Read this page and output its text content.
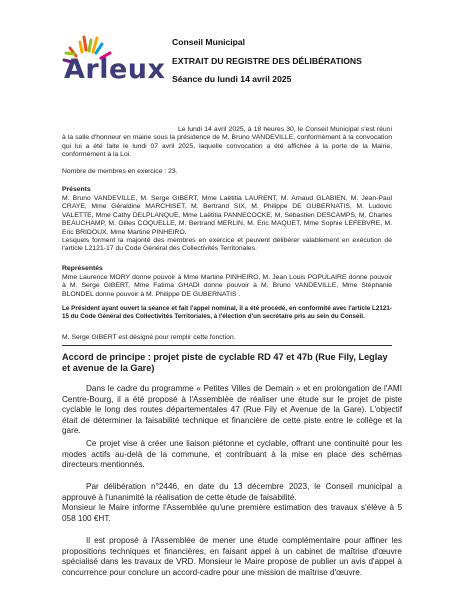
Arleux
Conseil Municipal
EXTRAIT DU REGISTRE DES DÉLIBÉRATIONS
Séance du lundi 14 avril 2025

Le lundi 14 avril 2025, à 18 heures 30, le Conseil Municipal s'est réuni à la salle d'honneur en mairie sous la présidence de M. Bruno VANDEVILLE, conformément à la convocation qui lui a été faite le lundi 07 avril 2025, laquelle convocation a été affichée à la porte de la Mairie, conformément à la Loi.

Nombre de membres en exercice : 23.

Présents

M. Bruno VANDEVILLE, M. Serge GIBERT, Mme Laëtitia LAURENT, M. Arnaud GLABIEN, M. Jean-Paul CRAYE, Mme Géraldine MARCHISET, M. Bertrand SIX, M. Philippe DE GUBERNATIS, M. Ludovic VALETTE, Mme Cathy DELPLANQUE, Mme Laëtitia PANNECOCKE, M. Sébastien DESCAMPS, M. Charles BEAUCHAMP, M. Gilles COQUELLE, M. Bertrand MERLIN, M. Eric MAQUET, Mme Sophie LEFEBVRE, M. Eric BRIDOUX, Mme Martine PINHEIRO.

Lesquels forment la majorité des membres en exercice et peuvent délibérer valablement en exécution de l'article L2121-17 du Code Général des Collectivités Territoriales.

Représentés

Mme Laurence MORY donne pouvoir à Mme Martine PINHEIRO, M. Jean Louis POPULAIRE donne pouvoir à M. Serge GIBERT, Mme Fatima GHADI donne pouvoir à M. Bruno VANDEVILLE, Mme Stéphanie BLONDEL donne pouvoir à M. Philippe DE GUBERNATIS .

Le Président ayant ouvert la séance et fait l'appel nominal, il a été procédé, en conformité avec l'article L2121-15 du Code Général des Collectivités Territoriales, à l'élection d'un secrétaire pris au sein du Conseil.

M. Serge GIBERT est désigné pour remplir cette fonction.

Accord de principe : projet piste de cyclable RD 47 et 47b (Rue Fily, Leglay et avenue de la Gare)

Dans le cadre du programme « Petites Villes de Demain » et en prolongation de l'AMI Centre-Bourg, il a été proposé à l'Assemblée de réaliser une étude sur le projet de piste cyclable le long des routes départementales 47 (Rue Fily et Avenue de la Gare). L'objectif était de déterminer la faisabilité technique et financière de cette piste entre le collège et la gare.

Ce projet vise à créer une liaison piétonne et cyclable, offrant une continuité pour les modes actifs au-delà de la commune, et contribuant à la mise en place des schémas directeurs mentionnés.

Par délibération n°2446, en date du 13 décembre 2023, le Conseil municipal a approuvé à l'unanimité la réalisation de cette étude de faisabilité.

Monsieur le Maire informe l'Assemblée qu'une première estimation des travaux s'élève à 5 058 100 €HT.

Il est proposé à l'Assemblée de mener une étude complémentaire pour affiner les propositions techniques et financières, en faisant appel à un cabinet de maîtrise d'œuvre spécialisé dans les travaux de VRD. Monsieur le Maire propose de publier un avis d'appel à concurrence pour conclure un accord-cadre pour une mission de maîtrise d'œuvre.
